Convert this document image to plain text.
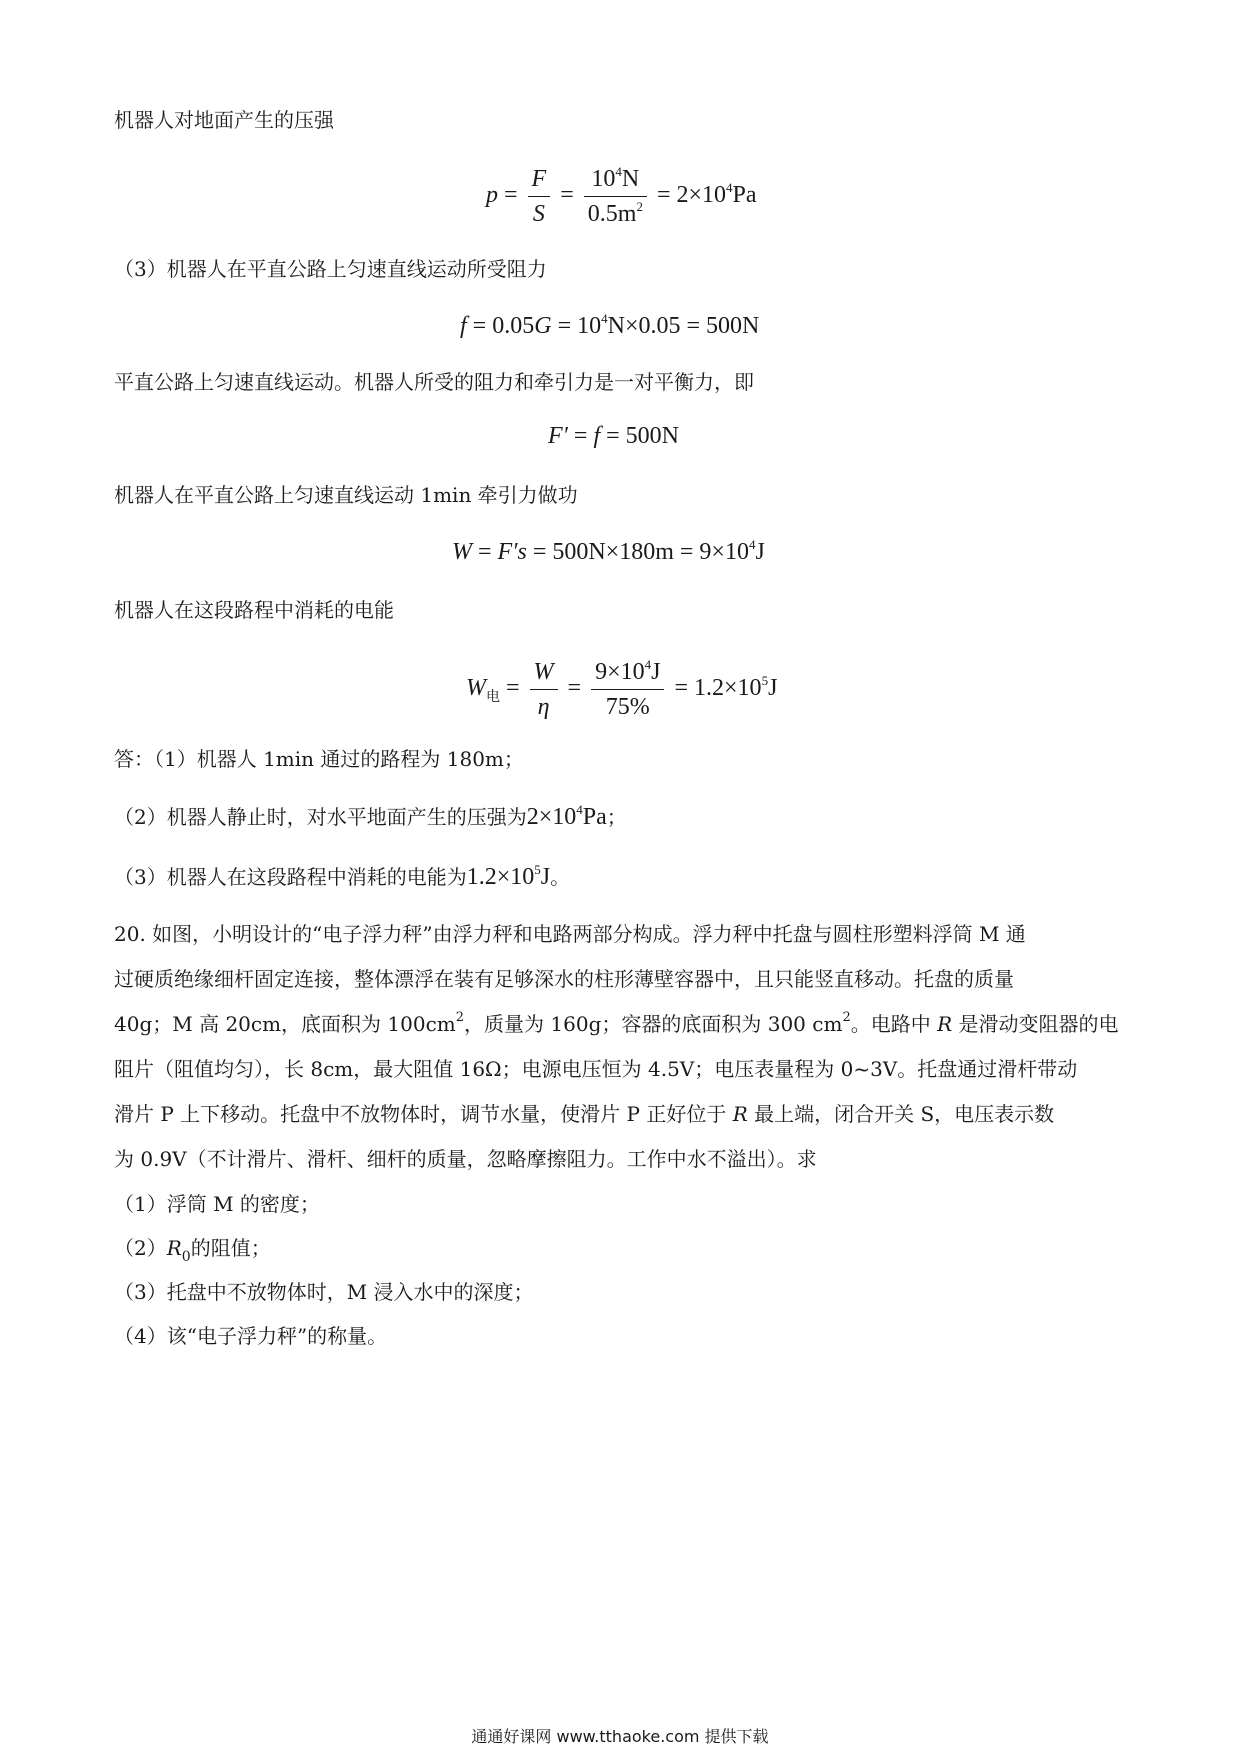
机器人对地面产生的压强
$p = \frac{F}{S} = \frac{10^4N}{0.5m^2} = 2\times 10^4Pa$
（3）机器人在平直公路上匀速直线运动所受阻力
$f = 0.05G = 10^4N\times 0.05 = 500N$
平直公路上匀速直线运动。机器人所受的阻力和牵引力是一对平衡力，即
F′ = f = 500N
机器人在平直公路上匀速直线运动 1min 牵引力做功
$W = F's = 500N\times 180m = 9\times 10^4J$
机器人在这段路程中消耗的电能
$W_电 = \frac{W}{\eta} = \frac{9\times 10^4J}{75\%} = 1.2\times 10^5J$
答：（1）机器人 1min 通过的路程为 180m；
（2）机器人静止时，对水平地面产生的压强为$2\times 10^4Pa$；
（3）机器人在这段路程中消耗的电能为$1.2\times 10^5J$。
20. 如图，小明设计的“电子浮力秤”由浮力秤和电路两部分构成。浮力秤中托盘与圆柱形塑料浮筒 M 通
过硬质绝缘细杆固定连接，整体漂浮在装有足够深水的柱形薄壁容器中，且只能竖直移动。托盘的质量
40g；M 高 20cm，底面积为 $100cm^2$，质量为 160g；容器的底面积为 300 $cm^2$。电路中 R 是滑动变阻器的电
阻片（阻值均匀），长 8cm，最大阻值 16Ω；电源电压恒为 4.5V；电压表量程为 0~3V。托盘通过滑杆带动
滑片 P 上下移动。托盘中不放物体时，调节水量，使滑片 P 正好位于 R 最上端，闭合开关 S，电压表示数
为 0.9V（不计滑片、滑杆、细杆的质量，忽略摩擦阻力。工作中水不溢出）。求
（1）浮筒 M 的密度；
$(2)R_0$的阻值；
（3）托盘中不放物体时，M 浸入水中的深度；
（4）该“电子浮力秤”的称量。
通通好课网 www.tthaoke.com 提供下载
